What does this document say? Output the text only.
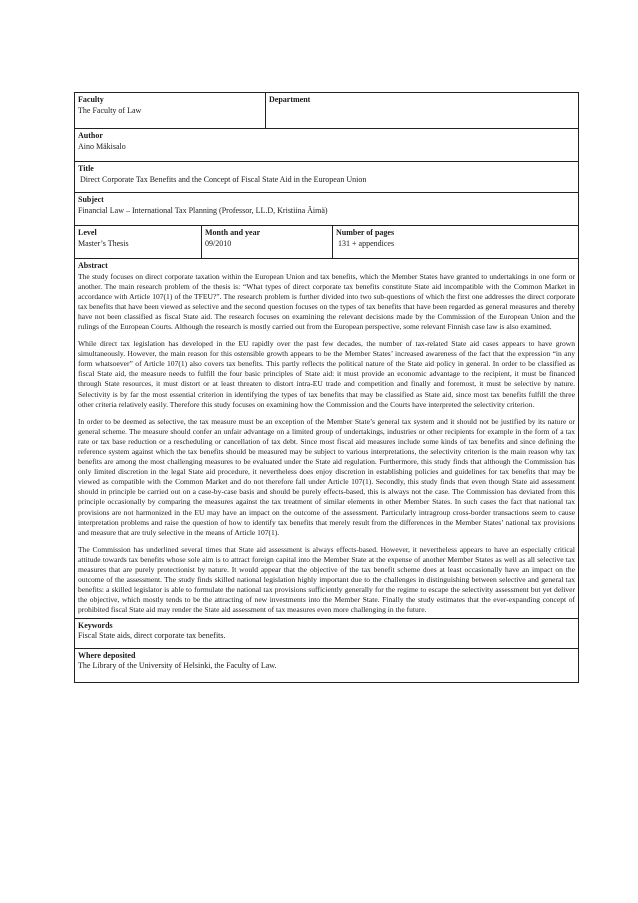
Faculty
The Faculty of Law
Department
Author
Aino Mäkisalo
Title
Direct Corporate Tax Benefits and the Concept of Fiscal State Aid in the European Union
Subject
Financial Law – International Tax Planning (Professor, LL.D, Kristiina Äimä)
Level
Master’s Thesis
Month and year
09/2010
Number of pages
131 + appendices
Abstract

The study focuses on direct corporate taxation within the European Union and tax benefits, which the Member States have granted to undertakings in one form or another. The main research problem of the thesis is: “What types of direct corporate tax benefits constitute State aid incompatible with the Common Market in accordance with Article 107(1) of the TFEU?”. The research problem is further divided into two sub-questions of which the first one addresses the direct corporate tax benefits that have been viewed as selective and the second question focuses on the types of tax benefits that have been regarded as general measures and thereby have not been classified as fiscal State aid. The research focuses on examining the relevant decisions made by the Commission of the European Union and the rulings of the European Courts. Although the research is mostly carried out from the European perspective, some relevant Finnish case law is also examined.

While direct tax legislation has developed in the EU rapidly over the past few decades, the number of tax-related State aid cases appears to have grown simultaneously. However, the main reason for this ostensible growth appears to be the Member States’ increased awareness of the fact that the expression “in any form whatsoever” of Article 107(1) also covers tax benefits. This partly reflects the political nature of the State aid policy in general. In order to be classified as fiscal State aid, the measure needs to fulfill the four basic principles of State aid: it must provide an economic advantage to the recipient, it must be financed through State resources, it must distort or at least threaten to distort intra-EU trade and competition and finally and foremost, it must be selective by nature. Selectivity is by far the most essential criterion in identifying the types of tax benefits that may be classified as State aid, since most tax benefits fulfill the three other criteria relatively easily. Therefore this study focuses on examining how the Commission and the Courts have interpreted the selectivity criterion.

In order to be deemed as selective, the tax measure must be an exception of the Member State’s general tax system and it should not be justified by its nature or general scheme. The measure should confer an unfair advantage on a limited group of undertakings, industries or other recipients for example in the form of a tax rate or tax base reduction or a rescheduling or cancellation of tax debt. Since most fiscal aid measures include some kinds of tax benefits and since defining the reference system against which the tax benefits should be measured may be subject to various interpretations, the selectivity criterion is the main reason why tax benefits are among the most challenging measures to be evaluated under the State aid regulation. Furthermore, this study finds that although the Commission has only limited discretion in the legal State aid procedure, it nevertheless does enjoy discretion in establishing policies and guidelines for tax benefits that may be viewed as compatible with the Common Market and do not therefore fall under Article 107(1). Secondly, this study finds that even though State aid assessment should in principle be carried out on a case-by-case basis and should be purely effects-based, this is always not the case. The Commission has deviated from this principle occasionally by comparing the measures against the tax treatment of similar elements in other Member States. In such cases the fact that national tax provisions are not harmonized in the EU may have an impact on the outcome of the assessment. Particularly intragroup cross-border transactions seem to cause interpretation problems and raise the question of how to identify tax benefits that merely result from the differences in the Member States’ national tax provisions and measure that are truly selective in the means of Article 107(1).

The Commission has underlined several times that State aid assessment is always effects-based. However, it nevertheless appears to have an especially critical attitude towards tax benefits whose sole aim is to attract foreign capital into the Member State at the expense of another Member States as well as all selective tax measures that are purely protectionist by nature. It would appear that the objective of the tax benefit scheme does at least occasionally have an impact on the outcome of the assessment. The study finds skilled national legislation highly important due to the challenges in distinguishing between selective and general tax benefits: a skilled legislator is able to formulate the national tax provisions sufficiently generally for the regime to escape the selectivity assessment but yet deliver the objective, which mostly tends to be the attracting of new investments into the Member State. Finally the study estimates that the ever-expanding concept of prohibited fiscal State aid may render the State aid assessment of tax measures even more challenging in the future.

Keywords
Fiscal State aids, direct corporate tax benefits.
Where deposited
The Library of the University of Helsinki, the Faculty of Law.
